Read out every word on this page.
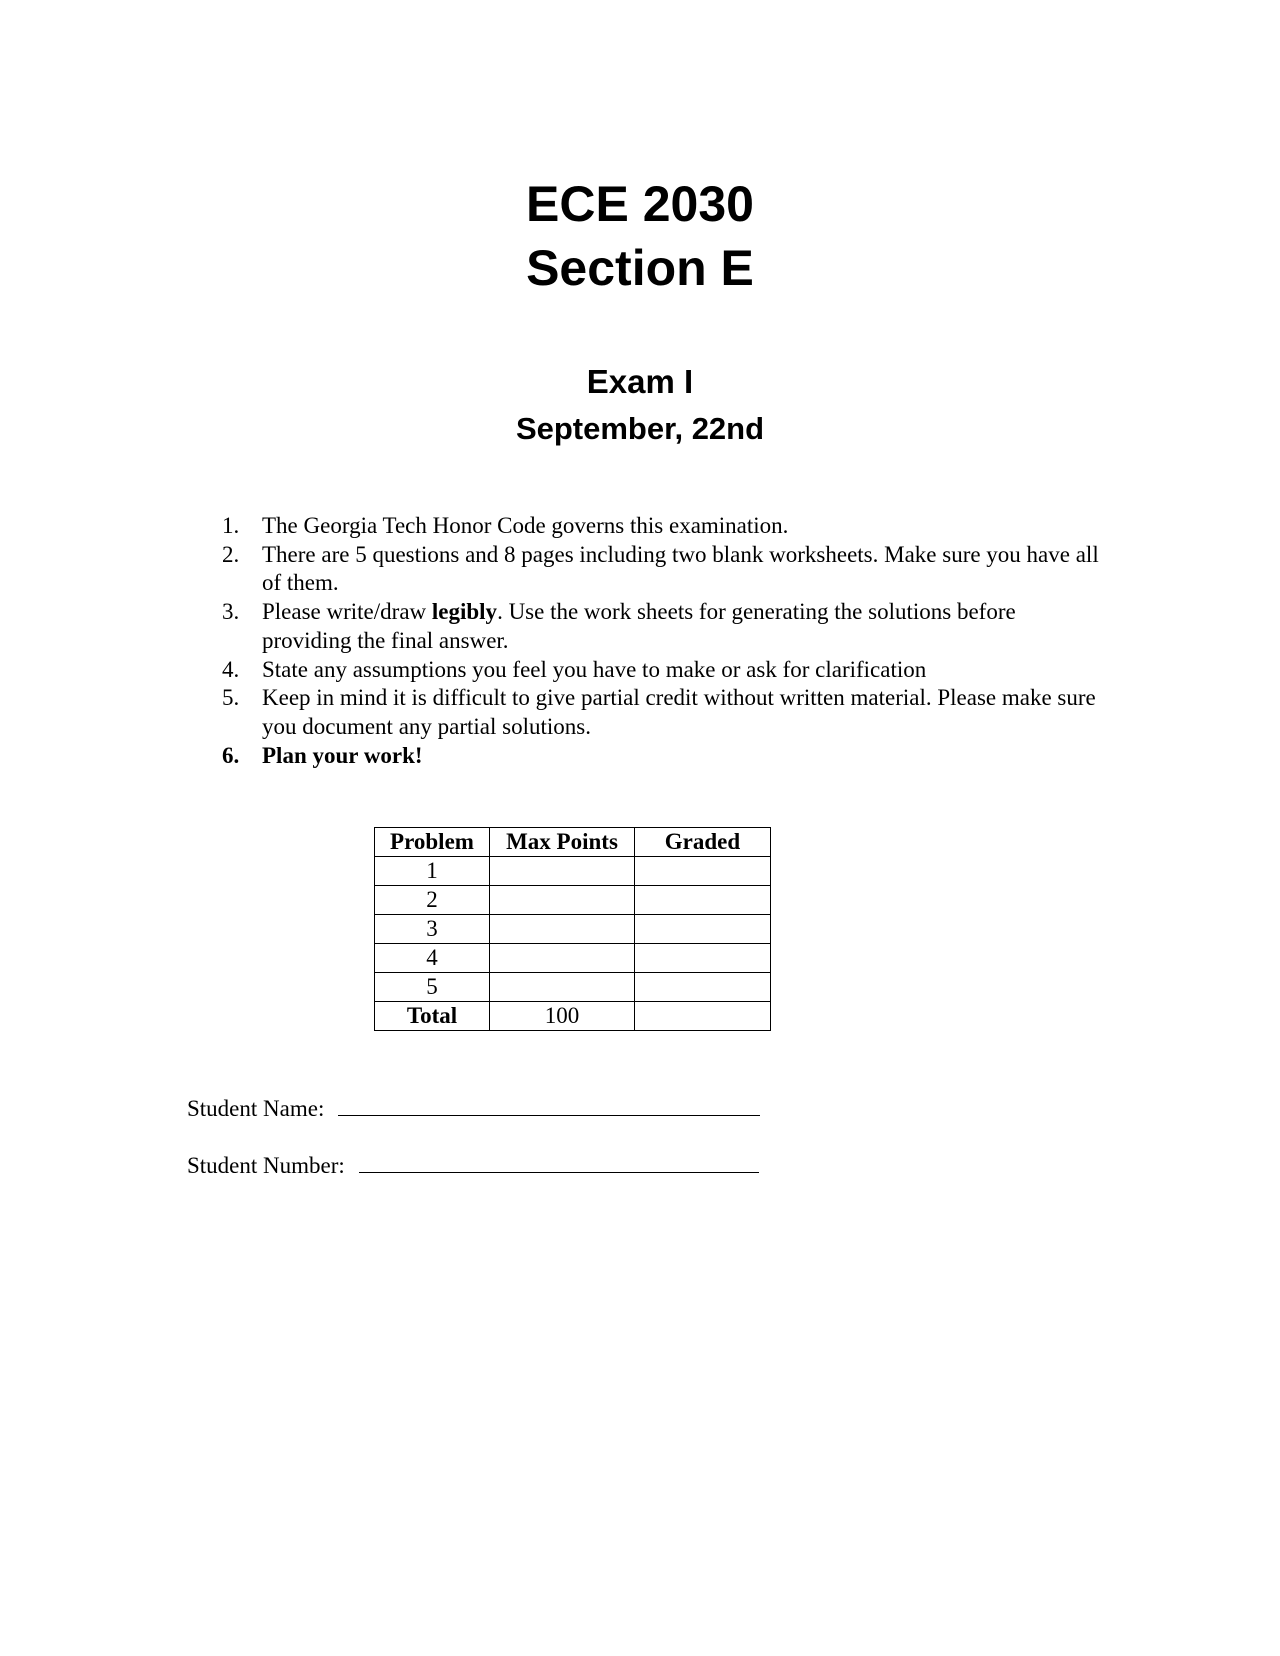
ECE 2030
Section E
Exam I
September, 22nd
1. The Georgia Tech Honor Code governs this examination.
2. There are 5 questions and 8 pages including two blank worksheets. Make sure you have all of them.
3. Please write/draw legibly. Use the work sheets for generating the solutions before providing the final answer.
4. State any assumptions you feel you have to make or ask for clarification
5. Keep in mind it is difficult to give partial credit without written material. Please make sure you document any partial solutions.
6. Plan your work!
Problem	Max Points	Graded
1		
2		
3		
4		
5		
Total	100	
Student Name:
Student Number:
